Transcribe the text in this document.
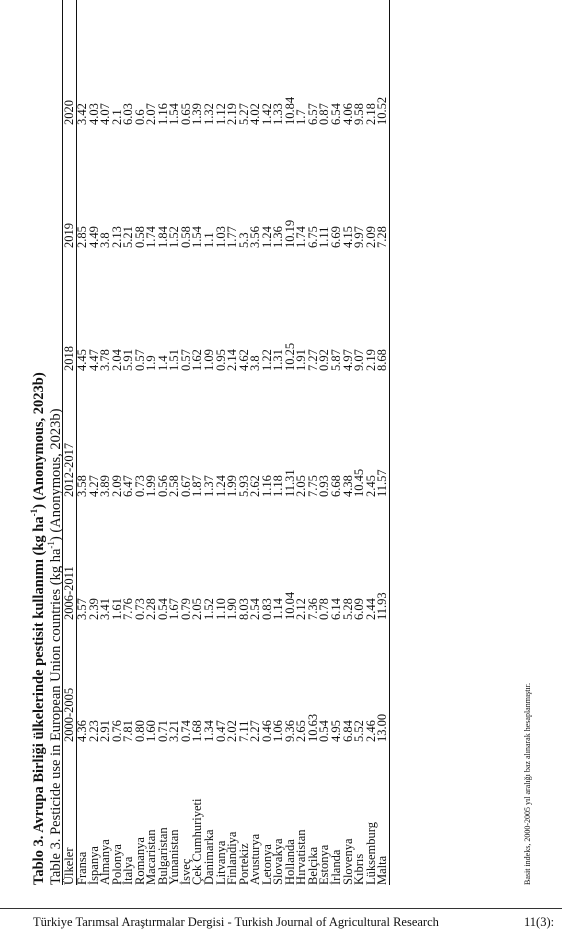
Tablo 3. Avrupa Birliği ülkelerinde pestisit kullanımı (kg $ha^{-1}$) (Anonymous, 2023b)
Table 3. Pesticide use in European Union countries (kg $ha^{-1}$) (Anonymous, 2023b)
Ülkeler	2000-2005	2006-2011	2012-2017	2018	2019	2020	
Fransa	4.36	3.57	3.58	4.45	2.85	3.42	
İspanya	2.23	2.39	4.27	4.47	4.49	4.03	
Almanya	2.91	3.41	3.89	3.78	3.8	4.07	
Polonya	0.76	1.61	2.09	2.04	2.13	2.1	
İtalya	7.81	7.76	6.47	5.91	5.21	6.03	
Romanya	0.80	0.73	0.73	0.57	0.58	0.6	
Macaristan	1.60	2.28	1.99	1.9	1.74	2.07	
Bulgaristan	0.71	0.54	0.56	1.4	1.84	1.16	
Yunanistan	3.21	1.67	2.58	1.51	1.52	1.54	
İsveç	0.74	0.79	0.67	0.57	0.58	0.65	
Çek Cumhuriyeti	1.68	2.05	1.87	1.62	1.54	1.39	
Danimarka	1.34	1.52	1.37	1.09	1.1	1.32	
Litvanya	0.47	1.10	1.24	0.95	1.03	1.12	
Finlandiya	2.02	1.90	1.99	2.14	1.77	2.19	
Portekiz	7.11	8.03	5.93	4.62	5.3	5.27	
Avusturya	2.27	2.54	2.62	3.8	3.56	4.02	
Letonya	0.46	0.83	1.16	1.22	1.24	1.42	
Slovakya	1.06	1.14	1.18	1.31	1.36	1.33	
Hollanda	9.36	10.04	11.31	10.25	10.19	10.84	
Hırvatistan	2.65	2.12	2.05	1.91	1.74	1.7	
Belçika	10.63	7.36	7.75	7.27	6.75	6.57	
Estonya	0.54	0.78	0.93	0.92	1.11	0.87	
İrlanda	4.95	6.14	6.68	5.87	6.69	6.54	
Slovenya	6.84	5.28	4.38	4.97	4.15	4.06	
Kıbrıs	5.52	6.09	10.45	9.07	9.97	9.58	
Lüksemburg	2.46	2.44	2.45	2.19	2.09	2.18	
Malta	13.00	11.93	11.57	8.68	7.28	10.52	
Basit indeks, 2000-2005 yıl aralığı baz alınarak hesaplanmıştır.
Türkiye Tarımsal Araştırmalar Dergisi - Turkish Journal of Agricultural Research	11(3):
